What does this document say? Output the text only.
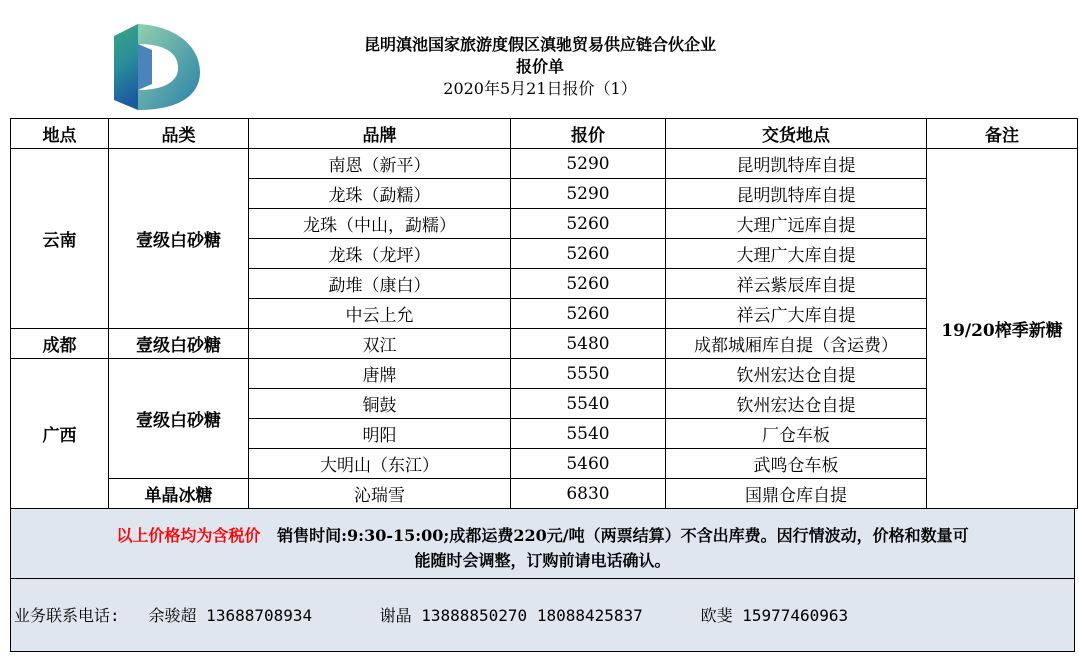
昆明滇池国家旅游度假区滇驰贸易供应链合伙企业
报价单
2020年5月21日报价（1）
地点	品类	品牌	报价	交货地点	备注
云南	壹级白砂糖	南恩（新平）	5290	昆明凯特库自提	19/20榨季新糖
		龙珠（勐糯）	5290	昆明凯特库自提	
		龙珠（中山，勐糯）	5260	大理广远库自提	
		龙珠（龙坪）	5260	大理广大库自提	
		勐堆（康白）	5260	祥云紫辰库自提	
		中云上允	5260	祥云广大库自提	
成都	壹级白砂糖	双江	5480	成都城厢库自提（含运费）	
广西	壹级白砂糖	唐牌	5550	钦州宏达仓自提	
		铜鼓	5540	钦州宏达仓自提	
		明阳	5540	厂仓车板	
		大明山（东江）	5460	武鸣仓车板	
	单晶冰糖	沁瑞雪	6830	国鼎仓库自提	
以上价格均为含税价 销售时间:9:30-15:00;成都运费220元/吨（两票结算）不含出库费。因行情波动，价格和数量可
能随时会调整，订购前请电话确认。
业务联系电话: 余骏超 13688708934	谢晶 13888850270 18088425837	欧斐 15977460963
